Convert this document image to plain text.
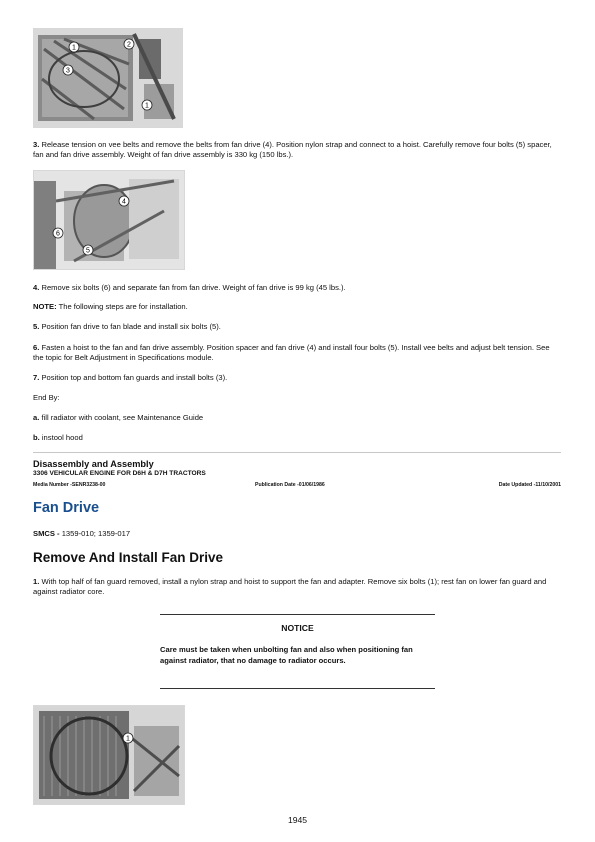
1	2
3
1
3. Release tension on vee belts and remove the belts from fan drive (4). Position nylon strap and connect to a hoist. Carefully remove four bolts (5) spacer, fan and fan drive assembly. Weight of fan drive assembly is 330 kg (150 lbs.).
4
6
5
4. Remove six bolts (6) and separate fan from fan drive. Weight of fan drive is 99 kg (45 lbs.).
NOTE: The following steps are for installation.
5. Position fan drive to fan blade and install six bolts (5).
6. Fasten a hoist to the fan and fan drive assembly. Position spacer and fan drive (4) and install four bolts (5). Install vee belts and adjust belt tension. See the topic for Belt Adjustment in Specifications module.
7. Position top and bottom fan guards and install bolts (3).
End By:
a. fill radiator with coolant, see Maintenance Guide
b. instool hood
Disassembly and Assembly
3306 VEHICULAR ENGINE FOR D6H & D7H TRACTORS
Media Number -SENR3238-00	Publication Date -01/06/1986	Date Updated -11/10/2001
Fan Drive
SMCS - 1359-010; 1359-017
Remove And Install Fan Drive
1. With top half of fan guard removed, install a nylon strap and hoist to support the fan and adapter. Remove six bolts (1); rest fan on lower fan guard and against radiator core.
NOTICE
Care must be taken when unbolting fan and also when positioning fan against radiator, that no damage to radiator occurs.
1
1945
